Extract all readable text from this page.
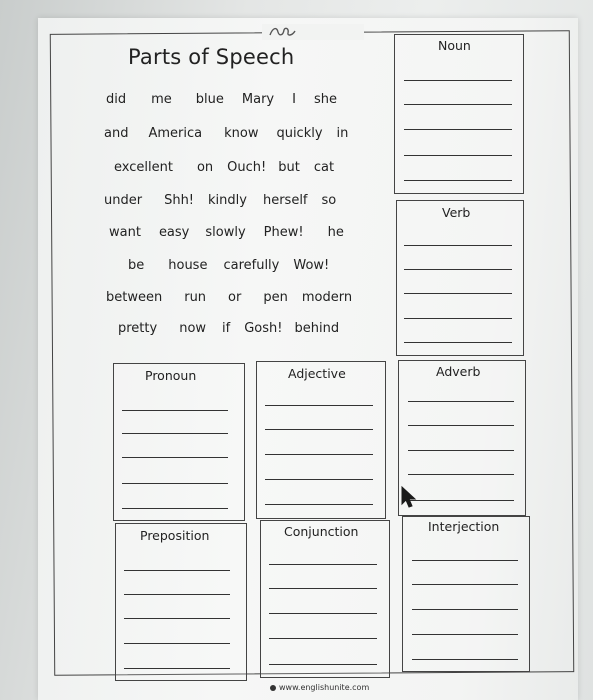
Parts of Speech
did me blue Mary I she
and America know quickly in
excellent on Ouch! but cat
under Shh! kindly herself so
want easy slowly Phew! he
be house carefully Wow!
between run or pen modern
pretty now if Gosh! behind
Noun
Verb
Pronoun	Adjective	Adverb
Preposition	Conjunction	Interjection
www.englishunite.com
